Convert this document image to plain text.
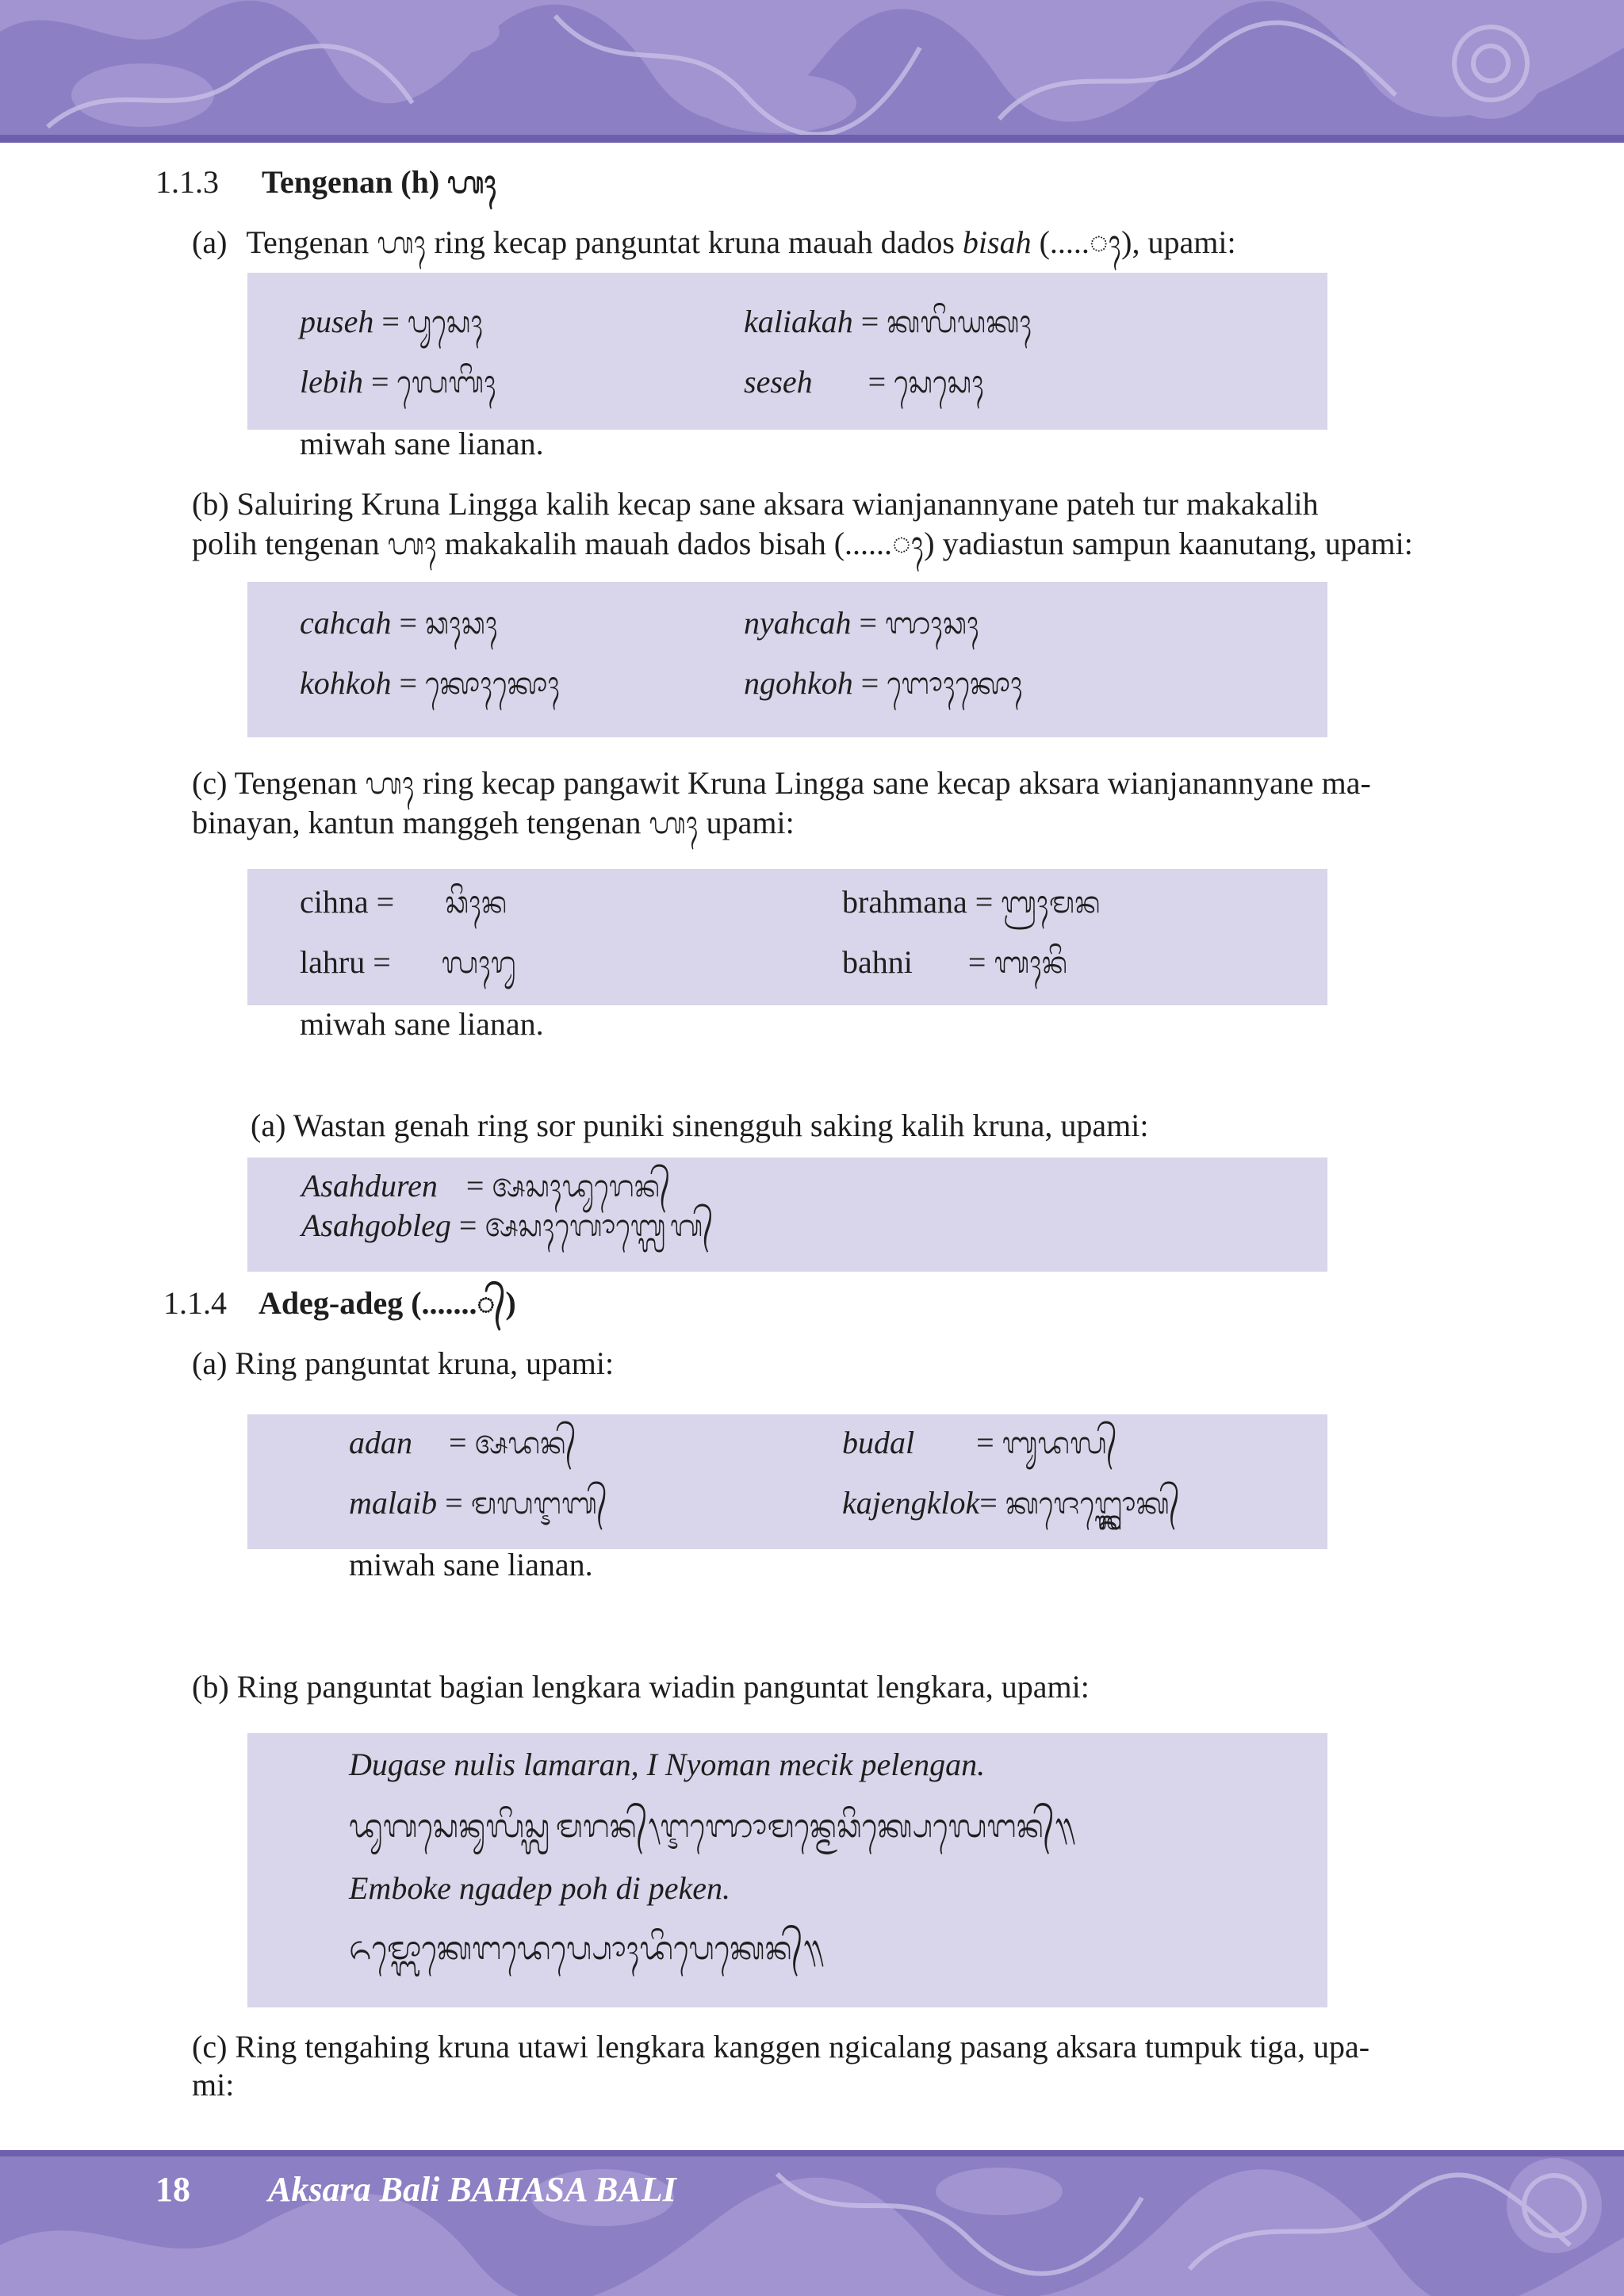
1.1.3 Tengenan (h) ᬳᬄ
(a) Tengenan ᬳᬄ ring kecap panguntat kruna mauah dados bisah (.....ᬄ), upami:
puseh = ᬧᬸᬲᬾᬄ	kaliakah = ᬓᬮᬶᬬᬓᬄ
lebih = ᬮᬾᬩᬶᬄ	seseh = ᬲᬾᬲᬾᬄ
miwah sane lianan.
(b) Saluiring Kruna Lingga kalih kecap sane aksara wianjanannyane pateh tur makakalih
polih tengenan ᬳᬄ makakalih mauah dados bisah (......ᬄ) yadiastun sampun kaanutang, upami:
cahcah = ᬘᬄᬘᬄ	nyahcah = ᬜᬄᬘᬄ
kohkoh = ᬓᭀᬄᬓᭀᬄ	ngohkoh = ᬗᭀᬄᬓᭀᬄ
(c) Tengenan ᬳᬄ ring kecap pangawit Kruna Lingga sane kecap aksara wianjanannyane ma-
binayan, kantun manggeh tengenan ᬳᬄ upami:
cihna = ᬘᬶᬄᬦ	brahmana = ᬩ᭄ᬭᬄᬫᬦ
lahru = ᬮᬄᬭᬸ	bahni = ᬩᬄᬦᬶ
miwah sane lianan.
(a) Wastan genah ring sor puniki sinengguh saking kalih kruna, upami:
Asahduren = ᬅᬲᬄᬤᬸᬭᬾᬦ᭄
Asahgobleg = ᬅᬲᬄᬕᭀᬩ᭄ᬮᬾᬕ᭄
1.1.4 Adeg-adeg (.......᭄)
(a) Ring panguntat kruna, upami:
adan = ᬅᬤᬦ᭄	budal = ᬩᬸᬤᬮ᭄
malaib = ᬫᬮᬇᬩ᭄	kajengklok= ᬓᬚᬾᬗ᭄ᬓ᭄ᬮᭀᬓ᭄
miwah sane lianan.
(b) Ring panguntat bagian lengkara wiadin panguntat lengkara, upami:
Dugase nulis lamaran, I Nyoman mecik pelengan.
ᬤᬸᬕᬲᬾᬦᬸᬮᬶᬲ᭄ᬮᬫᬭᬦ᭄᭞ᬇᬜᭀᬫᬦ᭄ᬫᬾᬘᬶᬓ᭄ᬧᬾᬮᬾᬗᬦ᭄᭟
Emboke ngadep poh di peken.
ᬏᬫ᭄ᬩᭀᬓᬾᬗᬤᬾᬧ᭄ᬧᭀᬄᬤᬶᬧᬾᬓᬾᬦ᭄᭟
(c) Ring tengahing kruna utawi lengkara kanggen ngicalang pasang aksara tumpuk tiga, upa-
mi:
18 Aksara Bali BAHASA BALI
